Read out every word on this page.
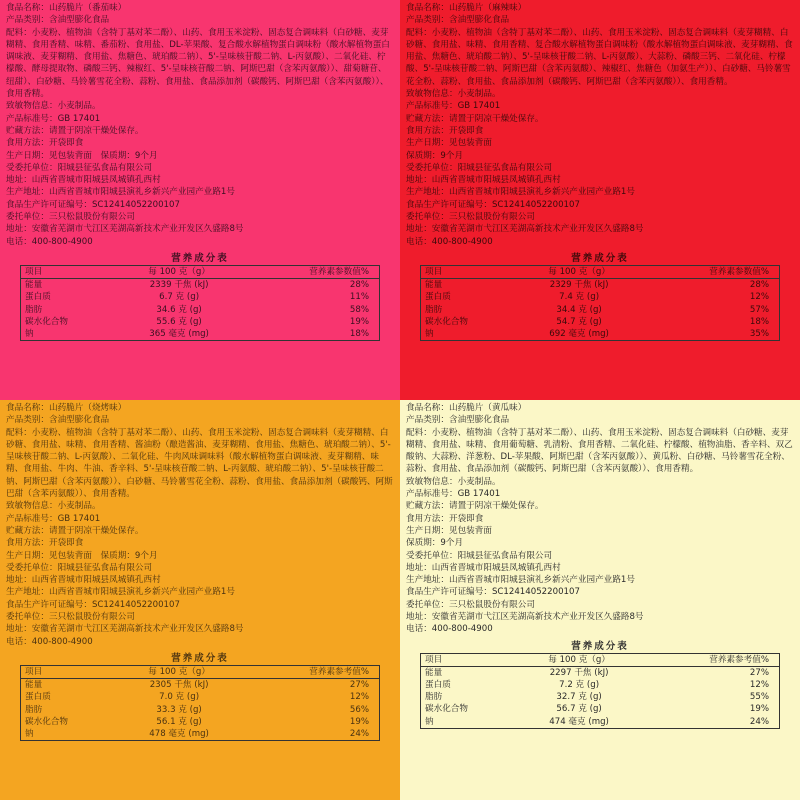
食品名称：山药脆片（番茄味）
产品类别：含油型膨化食品
配料：小麦粉、植物油（含特丁基对苯二酚）、山药、食用玉米淀粉、固态复合调味料（白砂糖、麦芽糊精、食用香精、味精、番茄粉、食用盐、DL-苹果酸、复合酸水解植物蛋白调味粉（酸水解植物蛋白调味液、麦芽糊精、食用盐、焦糖色、琥珀酸二钠）、5'-呈味核苷酸二钠、L-丙氨酸）、二氧化硅、柠檬酸、酵母提取物、磷酸三钙、辣椒红、5'-呈味核苷酸二钠、阿斯巴甜（含苯丙氨酸））、甜菊糖苷、纽甜）、白砂糖、马铃薯雪花全粉、蒜粉、食用盐、食品添加剂（碳酸钙、阿斯巴甜（含苯丙氨酸））、食用香精。
致敏物信息：小麦制品。
产品标准号：GB 17401
贮藏方法：请置于阴凉干燥处保存。
食用方法：开袋即食
生产日期：见包装背面　保质期：9个月
受委托单位：阳城县征弘食品有限公司
地址：山西省晋城市阳城县凤城镇孔西村
生产地址：山西省晋城市阳城县演礼乡新兴产业园产业路1号
食品生产许可证编号：SC12414052200107
委托单位：三只松鼠股份有限公司
地址：安徽省芜湖市弋江区芜湖高新技术产业开发区久盛路8号
电话：400-800-4900
营养成分表
项目	每 100 克（g）	营养素参数值%
能量	2339 千焦 (kJ)	28%
蛋白质	6.7 克 (g)	11%
脂肪	34.6 克 (g)	58%
碳水化合物	55.6 克 (g)	19%
钠	365 毫克 (mg)	18%
食品名称：山药脆片（麻辣味）
产品类别：含油型膨化食品
配料：小麦粉、植物油（含特丁基对苯二酚）、山药、食用玉米淀粉、固态复合调味料（麦芽糊精、白砂糖、食用盐、味精、食用香精、复合酸水解植物蛋白调味粉（酸水解植物蛋白调味液、麦芽糊精、食用盐、焦糖色、琥珀酸二钠）、5'-呈味核苷酸二钠、L-丙氨酸）、大蒜粉、磷酸三钙、二氧化硅、柠檬酸、5'-呈味核苷酸二钠、阿斯巴甜（含苯丙氨酸）、辣椒红、焦糖色（加氨生产））、白砂糖、马铃薯雪花全粉、蒜粉、食用盐、食品添加剂（碳酸钙、阿斯巴甜（含苯丙氨酸））、食用香精。
致敏物信息：小麦制品。
产品标准号：GB 17401
贮藏方法：请置于阴凉干燥处保存。
食用方法：开袋即食
生产日期：见包装背面
保质期：9个月
受委托单位：阳城县征弘食品有限公司
地址：山西省晋城市阳城县凤城镇孔西村
生产地址：山西省晋城市阳城县演礼乡新兴产业园产业路1号
食品生产许可证编号：SC12414052200107
委托单位：三只松鼠股份有限公司
地址：安徽省芜湖市弋江区芜湖高新技术产业开发区久盛路8号
电话：400-800-4900
营养成分表
项目	每 100 克（g）	营养素参数值%
能量	2329 千焦 (kJ)	28%
蛋白质	7.4 克 (g)	12%
脂肪	34.4 克 (g)	57%
碳水化合物	54.7 克 (g)	18%
钠	692 毫克 (mg)	35%
食品名称：山药脆片（烧烤味）
产品类别：含油型膨化食品
配料：小麦粉、植物油（含特丁基对苯二酚）、山药、食用玉米淀粉、固态复合调味料（麦芽糊精、白砂糖、食用盐、味精、食用香精、酱油粉（酿造酱油、麦芽糊精、食用盐、焦糖色、琥珀酸二钠）、5'-呈味核苷酸二钠、L-丙氨酸）、二氧化硅、牛肉风味调味料（酸水解植物蛋白调味液、麦芽糊精、味精、食用盐、牛肉、牛油、香辛料、5'-呈味核苷酸二钠、L-丙氨酸、琥珀酸二钠）、5'-呈味核苷酸二钠、阿斯巴甜（含苯丙氨酸））、白砂糖、马铃薯雪花全粉、蒜粉、食用盐、食品添加剂（碳酸钙、阿斯巴甜（含苯丙氨酸））、食用香精。
致敏物信息：小麦制品。
产品标准号：GB 17401
贮藏方法：请置于阴凉干燥处保存。
食用方法：开袋即食
生产日期：见包装背面　保质期：9个月
受委托单位：阳城县征弘食品有限公司
地址：山西省晋城市阳城县凤城镇孔西村
生产地址：山西省晋城市阳城县演礼乡新兴产业园产业路1号
食品生产许可证编号：SC12414052200107
委托单位：三只松鼠股份有限公司
地址：安徽省芜湖市弋江区芜湖高新技术产业开发区久盛路8号
电话：400-800-4900
营养成分表
项目	每 100 克（g）	营养素参考值%
能量	2305 千焦 (kJ)	27%
蛋白质	7.0 克 (g)	12%
脂肪	33.3 克 (g)	56%
碳水化合物	56.1 克 (g)	19%
钠	478 毫克 (mg)	24%
食品名称：山药脆片（黄瓜味）
产品类别：含油型膨化食品
配料：小麦粉、植物油（含特丁基对苯二酚）、山药、食用玉米淀粉、固态复合调味料（白砂糖、麦芽糊精、食用盐、味精、食用葡萄糖、乳清粉、食用香精、二氧化硅、柠檬酸、植物油脂、香辛料、双乙酸钠、大蒜粉、洋葱粉、DL-苹果酸、阿斯巴甜（含苯丙氨酸））、黄瓜粉、白砂糖、马铃薯雪花全粉、蒜粉、食用盐、食品添加剂（碳酸钙、阿斯巴甜（含苯丙氨酸））、食用香精。
致敏物信息：小麦制品。
产品标准号：GB 17401
贮藏方法：请置于阴凉干燥处保存。
食用方法：开袋即食
生产日期：见包装背面
保质期：9个月
受委托单位：阳城县征弘食品有限公司
地址：山西省晋城市阳城县凤城镇孔西村
生产地址：山西省晋城市阳城县演礼乡新兴产业园产业路1号
食品生产许可证编号：SC12414052200107
委托单位：三只松鼠股份有限公司
地址：安徽省芜湖市弋江区芜湖高新技术产业开发区久盛路8号
电话：400-800-4900
营养成分表
项目	每 100 克（g）	营养素参考值%
能量	2297 千焦 (kJ)	27%
蛋白质	7.2 克 (g)	12%
脂肪	32.7 克 (g)	55%
碳水化合物	56.7 克 (g)	19%
钠	474 毫克 (mg)	24%
